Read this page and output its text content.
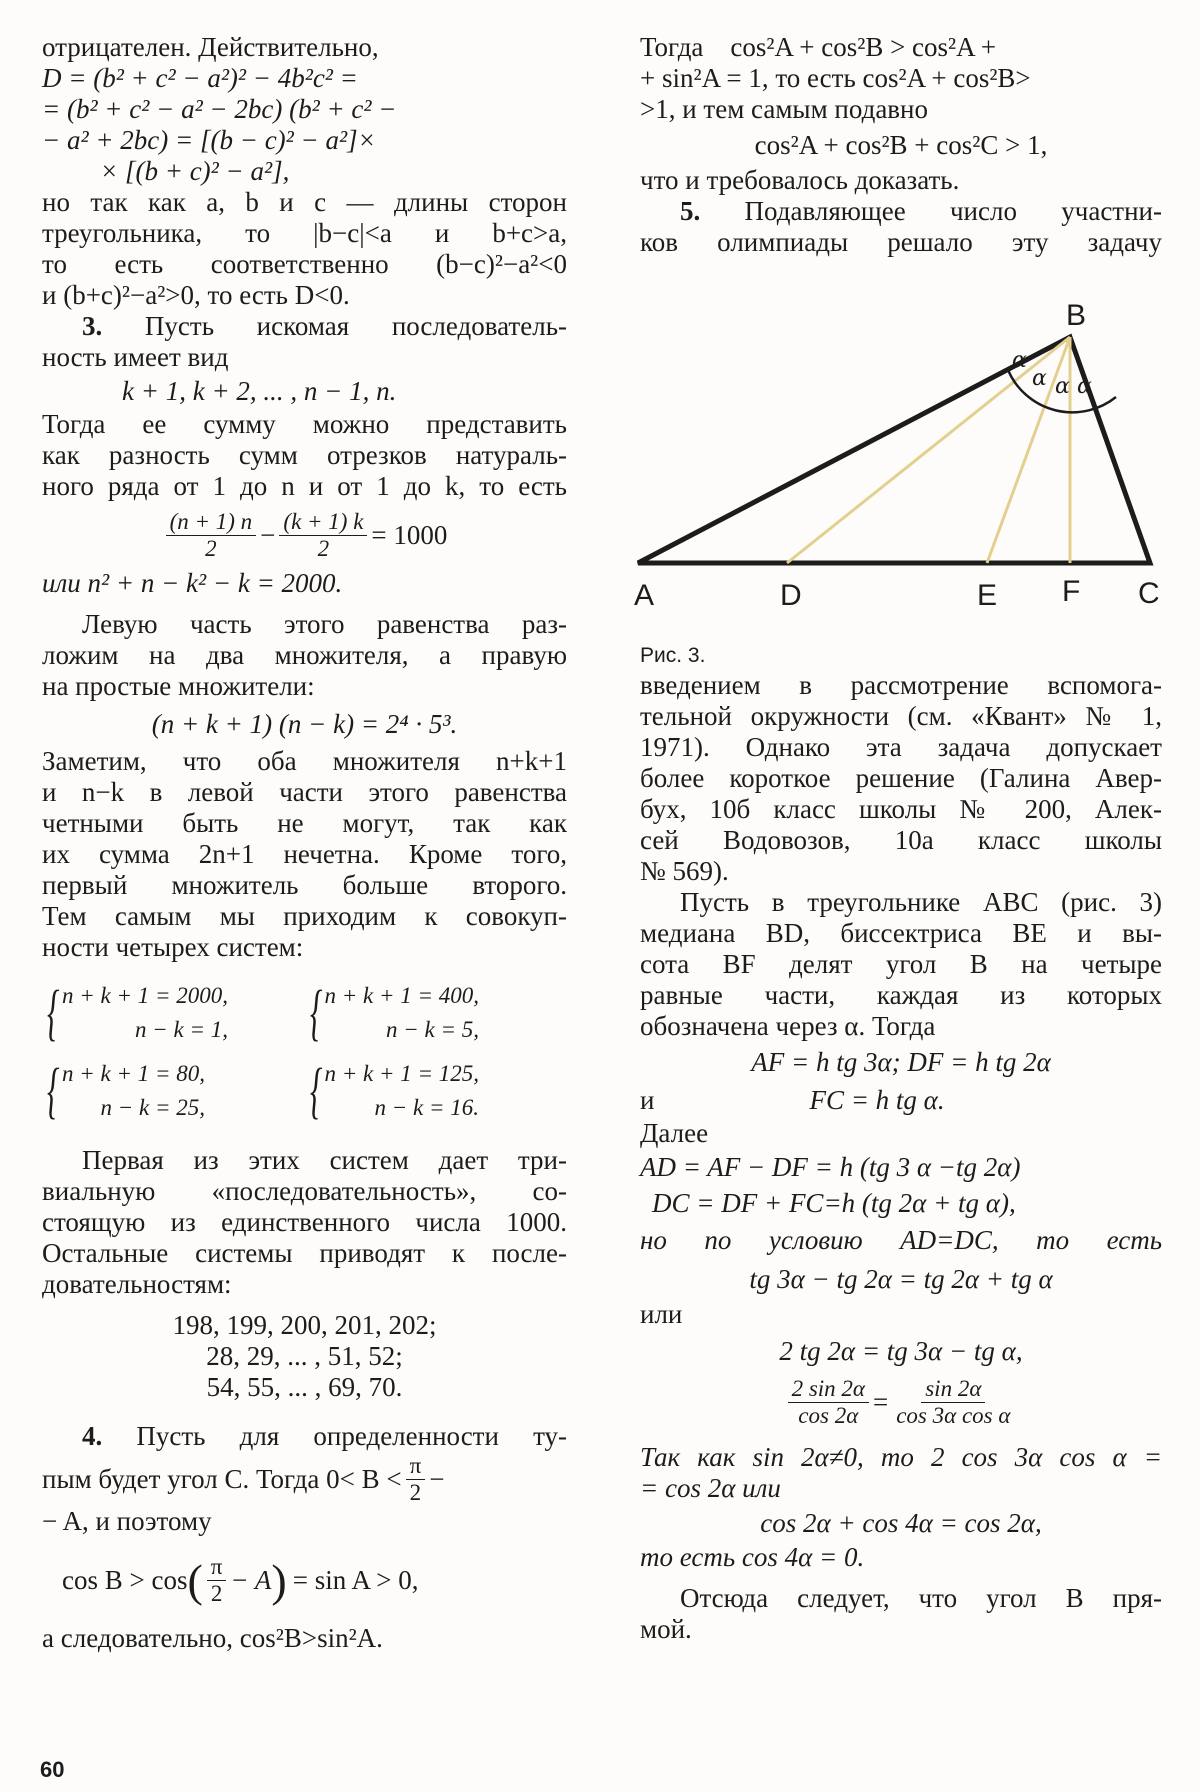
отрицателен. Действительно,
D = (b² + c² − a²)² − 4b²c² =
= (b² + c² − a² − 2bc) (b² + c² −
− a² + 2bc) = [(b − c)² − a²]×
× [(b + c)² − a²],
но так как a, b и c — длины сторон
треугольника, то |b−c|<a и b+c>a,
то есть соответственно (b−c)²−a²<0
и (b+c)²−a²>0, то есть D<0.
3. Пусть искомая последователь-
ность имеет вид
k + 1, k + 2, ... , n − 1, n.
Тогда ее сумму можно представить
как разность сумм отрезков натураль-
ного ряда от 1 до n и от 1 до k, то есть
$\frac{(n + 1) n}{2} - \frac{(k + 1) k}{2} = 1000$
или n² + n − k² − k = 2000.
Левую часть этого равенства раз-
ложим на два множителя, а правую
на простые множители:
(n + k + 1) (n − k) = 2⁴ · 5³.
Заметим, что оба множителя n+k+1
и n−k в левой части этого равенства
четными быть не могут, так как
их сумма 2n+1 нечетна. Кроме того,
первый множитель больше второго.
Тем самым мы приходим к совокуп-
ности четырех систем:
{ n + k + 1 = 2000,
n − k = 1, { n + k + 1 = 400,
n − k = 5,
{ n + k + 1 = 80,
n − k = 25, { n + k + 1 = 125,
n − k = 16.
Первая из этих систем дает три-
виальную «последовательность», со-
стоящую из единственного числа 1000.
Остальные системы приводят к после-
довательностям:
198, 199, 200, 201, 202;
28, 29, ... , 51, 52;
54, 55, ... , 69, 70.
4. Пусть для определенности ту-
пым будет угол C. Тогда $0< B < \frac{\pi}{2}$ −
− A, и поэтому
cos B > cos ( $\frac{\pi}{2} - A$ ) = sin A > 0,
а следовательно, cos²B>sin²A.
Тогда    cos²A + cos²B > cos²A +
+ sin²A = 1, то есть cos²A + cos²B>
>1, и тем самым подавно
cos²A + cos²B + cos²C > 1,
что и требовалось доказать.
5. Подавляющее число участни-
ков олимпиады решало эту задачу
введением в рассмотрение вспомога-
тельной окружности (см. «Квант» № 1,
1971). Однако эта задача допускает
более короткое решение (Галина Авер-
бух, 10б класс школы № 200, Алек-
сей Водовозов, 10а класс школы
№ 569).
Пусть в треугольнике ABC (рис. 3)
медиана BD, биссектриса BE и вы-
сота BF делят угол B на четыре
равные части, каждая из которых
обозначена через α. Тогда
AF = h tg 3α; DF = h tg 2α
и	FC = h tg α.
Далее
AD = AF − DF = h (tg 3 α −tg 2α)
DC = DF + FC=h (tg 2α + tg α),
но по условию AD=DC, то есть
tg 3α − tg 2α = tg 2α + tg α
или
2 tg 2α = tg 3α − tg α,
$\frac{2 \sin 2\alpha}{\cos 2\alpha} = \frac{\sin 2\alpha}{\text{cos 3α cos α}}$
Так как sin 2α≠0, то 2 cos 3α cos α =
= cos 2α или
cos 2α + cos 4α = cos 2α,
то есть cos 4α = 0.
Отсюда следует, что угол B пря-
мой.
α
α α α
B
A	D	E F C
Рис. 3.
60
